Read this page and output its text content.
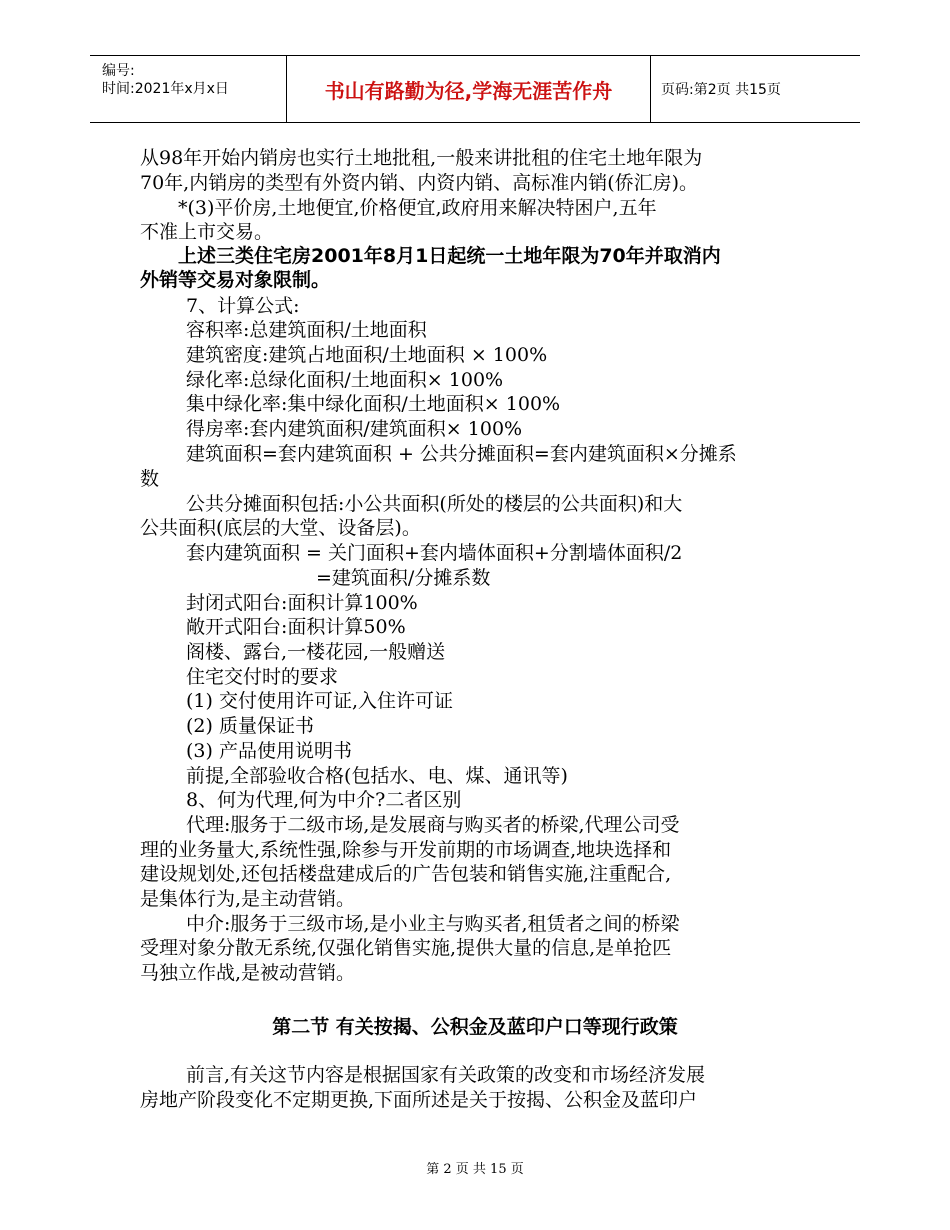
编号:
时间:2021年x月x日	书山有路勤为径,学海无涯苦作舟	页码:第2页 共15页
从98年开始内销房也实行土地批租,一般来讲批租的住宅土地年限为
70年,内销房的类型有外资内销、内资内销、高标准内销(侨汇房)。
*(3)平价房,土地便宜,价格便宜,政府用来解决特困户,五年
不准上市交易。
上述三类住宅房2001年8月1日起统一土地年限为70年并取消内
外销等交易对象限制。
7、计算公式:
容积率:总建筑面积/土地面积
建筑密度:建筑占地面积/土地面积 × 100%
绿化率:总绿化面积/土地面积× 100%
集中绿化率:集中绿化面积/土地面积× 100%
得房率:套内建筑面积/建筑面积× 100%
建筑面积=套内建筑面积 + 公共分摊面积=套内建筑面积×分摊系
数
公共分摊面积包括:小公共面积(所处的楼层的公共面积)和大
公共面积(底层的大堂、设备层)。
套内建筑面积 = 关门面积+套内墙体面积+分割墙体面积/2
=建筑面积/分摊系数
封闭式阳台:面积计算100%
敞开式阳台:面积计算50%
阁楼、露台,一楼花园,一般赠送
住宅交付时的要求
(1) 交付使用许可证,入住许可证
(2) 质量保证书
(3) 产品使用说明书
前提,全部验收合格(包括水、电、煤、通讯等)
8、何为代理,何为中介?二者区别
代理:服务于二级市场,是发展商与购买者的桥梁,代理公司受
理的业务量大,系统性强,除参与开发前期的市场调查,地块选择和
建设规划处,还包括楼盘建成后的广告包装和销售实施,注重配合,
是集体行为,是主动营销。
中介:服务于三级市场,是小业主与购买者,租赁者之间的桥梁
受理对象分散无系统,仅强化销售实施,提供大量的信息,是单抢匹
马独立作战,是被动营销。
第二节 有关按揭、公积金及蓝印户口等现行政策
前言,有关这节内容是根据国家有关政策的改变和市场经济发展
房地产阶段变化不定期更换,下面所述是关于按揭、公积金及蓝印户
第 2 页 共 15 页
